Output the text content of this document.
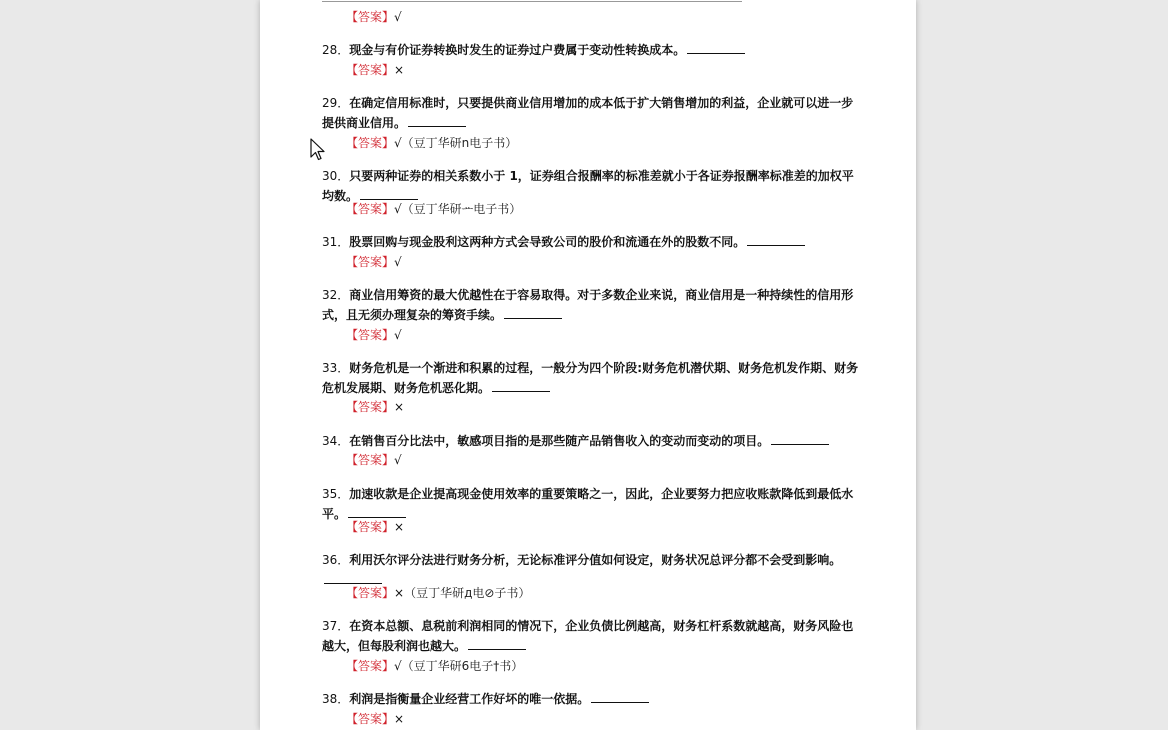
【答案】√
28．现金与有价证券转换时发生的证券过户费属于变动性转换成本。
【答案】×
29．在确定信用标准时，只要提供商业信用增加的成本低于扩大销售增加的利益，企业就可以进一步提供商业信用。
【答案】√（豆丁华研n电子书）
30．只要两种证券的相关系数小于 1，证券组合报酬率的标准差就小于各证券报酬率标准差的加权平均数。
【答案】√（豆丁华研ᅭ电子书）
31．股票回购与现金股利这两种方式会导致公司的股价和流通在外的股数不同。
【答案】√
32．商业信用筹资的最大优越性在于容易取得。对于多数企业来说，商业信用是一种持续性的信用形式，且无须办理复杂的筹资手续。
【答案】√
33．财务危机是一个渐进和积累的过程，一般分为四个阶段:财务危机潜伏期、财务危机发作期、财务危机发展期、财务危机恶化期。
【答案】×
34．在销售百分比法中，敏感项目指的是那些随产品销售收入的变动而变动的项目。
【答案】√
35．加速收款是企业提高现金使用效率的重要策略之一，因此，企业要努力把应收账款降低到最低水平。
【答案】×
36．利用沃尔评分法进行财务分析，无论标准评分值如何设定，财务状况总评分都不会受到影响。
【答案】×（豆丁华研д电⊘子书）
37．在资本总额、息税前利润相同的情况下，企业负债比例越高，财务杠杆系数就越高，财务风险也越大，但每股利润也越大。
【答案】√（豆丁华研6电子†书）
38．利润是指衡量企业经营工作好坏的唯一依据。
【答案】×
